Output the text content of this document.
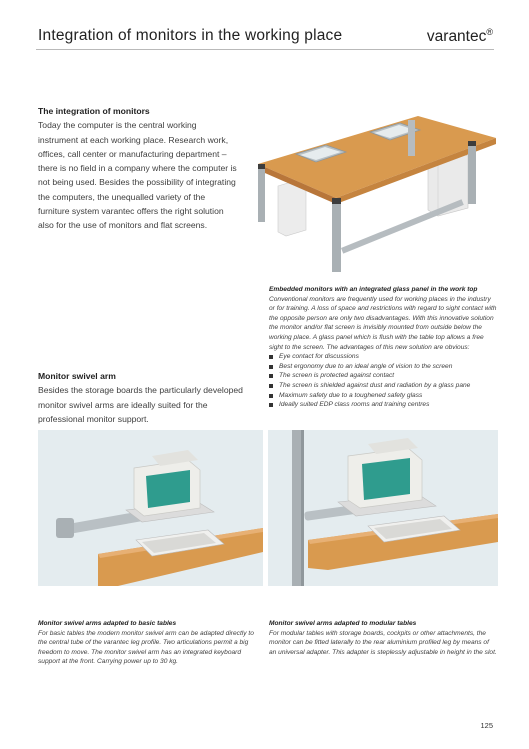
Integration of monitors in the working place	varantec®
The integration of monitors
Today the computer is the central working instrument at each working place. Research work, offices, call center or manufacturing department – there is no field in a company where the computer is not being used. Besides the possibility of integrating the computers, the unequalled variety of the furniture system varantec offers the right solution also for the use of monitors and flat screens.
Monitor swivel arm
Besides the storage boards the particularly developed monitor swivel arms are ideally suited for the professional monitor support.
Embedded monitors with an integrated glass panel in the work top
Conventional monitors are frequently used for working places in the industry or for training. A loss of space and restrictions with regard to sight contact with the opposite person are only two disadvantages. With this innovative solution the monitor and/or flat screen is invisibly mounted from outside below the working place. A glass panel which is flush with the table top allows a free sight to the screen. The advantages of this new solution are obvious:
Eye contact for discussions
Best ergonomy due to an ideal angle of vision to the screen
The screen is protected against contact
The screen is shielded against dust and radiation by a glass pane
Maximum safety due to a toughened safety glass
Ideally suited EDP class rooms and training centres
Monitor swivel arms adapted to basic tables
For basic tables the modern monitor swivel arm can be adapted directly to the central tube of the varantec leg profile. Two articulations permit a big freedom to move. The monitor swivel arm has an integrated keyboard support at the front. Carrying power up to 30 kg.
Monitor swivel arms adapted to modular tables
For modular tables with storage boards, cockpits or other attachments, the monitor can be fitted laterally to the rear aluminium profiled leg by means of an universal adapter. This adapter is steplessly adjustable in height in the slot.
125
